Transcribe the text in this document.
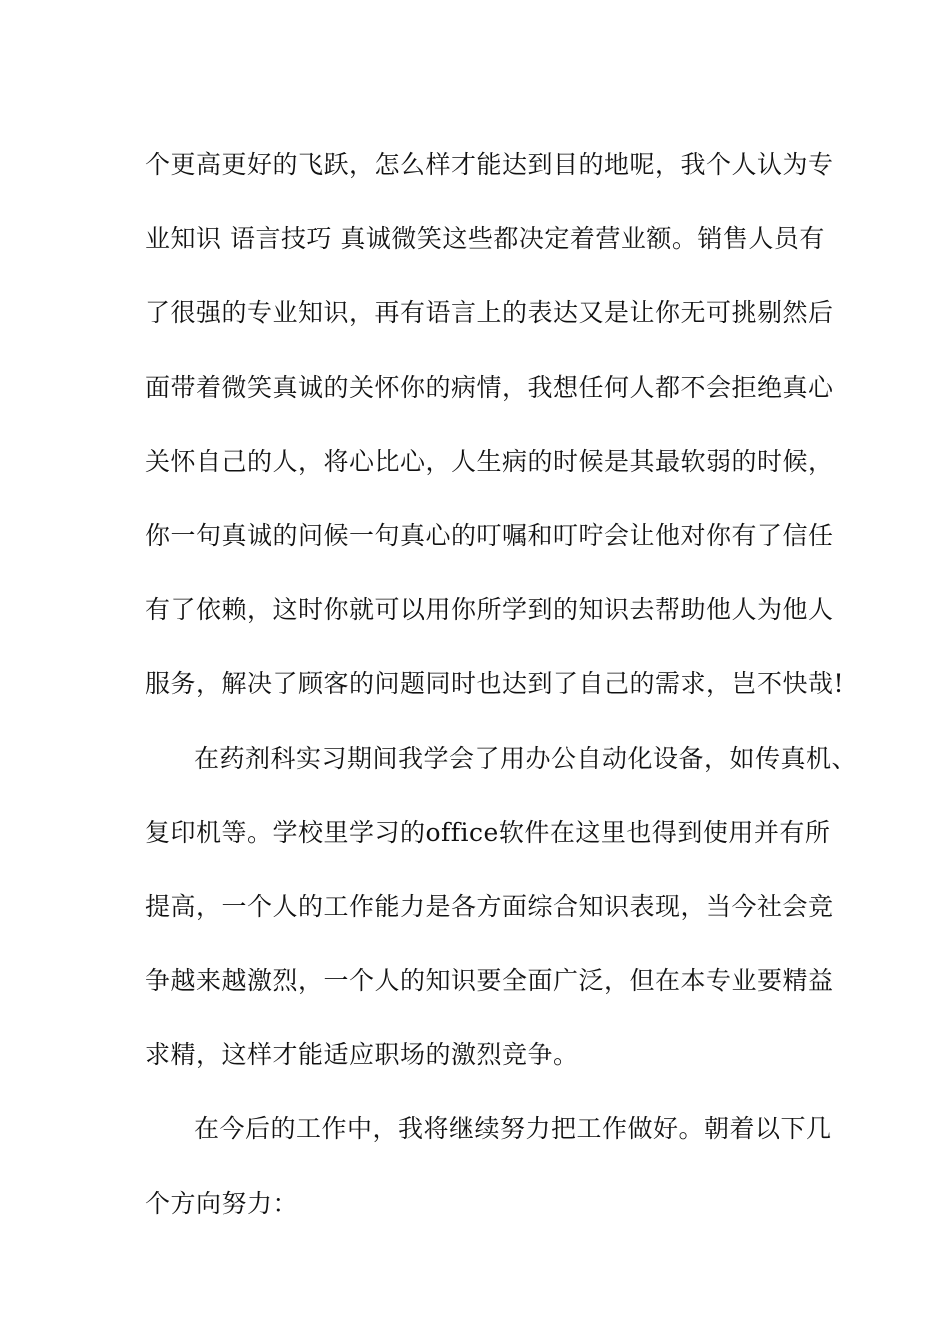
个更高更好的飞跃，怎么样才能达到目的地呢，我个人认为专
业知识 语言技巧 真诚微笑这些都决定着营业额。销售人员有
了很强的专业知识，再有语言上的表达又是让你无可挑剔然后
面带着微笑真诚的关怀你的病情，我想任何人都不会拒绝真心
关怀自己的人，将心比心，人生病的时候是其最软弱的时候，
你一句真诚的问候一句真心的叮嘱和叮咛会让他对你有了信任
有了依赖，这时你就可以用你所学到的知识去帮助他人为他人
服务，解决了顾客的问题同时也达到了自己的需求，岂不快哉!
在药剂科实习期间我学会了用办公自动化设备，如传真机、
复印机等。学校里学习的office软件在这里也得到使用并有所
提高，一个人的工作能力是各方面综合知识表现，当今社会竞
争越来越激烈，一个人的知识要全面广泛，但在本专业要精益
求精，这样才能适应职场的激烈竞争。
在今后的工作中，我将继续努力把工作做好。朝着以下几
个方向努力：
